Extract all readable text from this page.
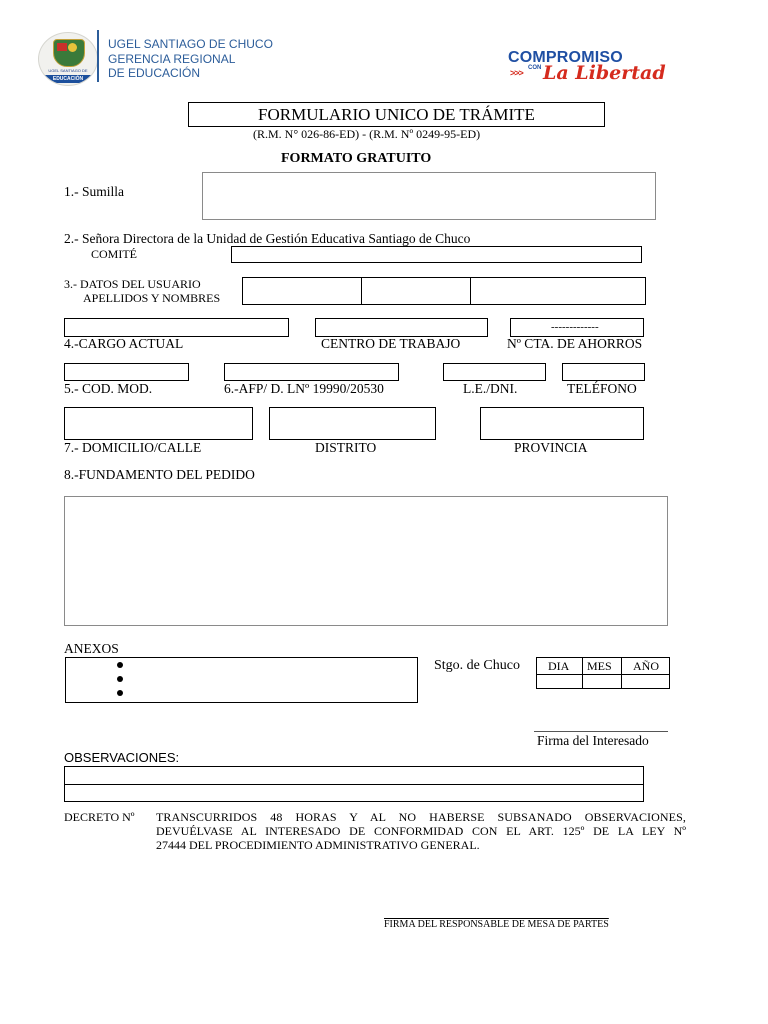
UGEL SANTIAGO DE
EDUCACIÓN
UGEL SANTIAGO DE CHUCO
GERENCIA REGIONAL
DE EDUCACIÓN
COMPROMISO
CON
>>> La Libertad
FORMULARIO UNICO DE TRÁMITE
(R.M. N° 026-86-ED) - (R.M. Nº 0249-95-ED)
FORMATO GRATUITO
1.- Sumilla
2.- Señora Directora de la Unidad de Gestión Educativa Santiago de Chuco
COMITÉ
3.- DATOS DEL USUARIO
APELLIDOS Y NOMBRES
-------------
4.-CARGO ACTUAL	CENTRO DE TRABAJO	Nº CTA. DE AHORROS
5.- COD. MOD.	6.-AFP/ D. LNº 19990/20530	L.E./DNI.	TELÉFONO
7.- DOMICILIO/CALLE	DISTRITO	PROVINCIA
8.-FUNDAMENTO DEL PEDIDO
ANEXOS
Stgo. de Chuco DIA MES AÑO
Firma del Interesado
OBSERVACIONES:
DECRETO Nº TRANSCURRIDOS 48 HORAS Y AL NO HABERSE SUBSANADO OBSERVACIONES,
DEVUÉLVASE AL INTERESADO DE CONFORMIDAD CON EL ART. 125º DE LA LEY Nº
27444 DEL PROCEDIMIENTO ADMINISTRATIVO GENERAL.
FIRMA DEL RESPONSABLE DE MESA DE PARTES
